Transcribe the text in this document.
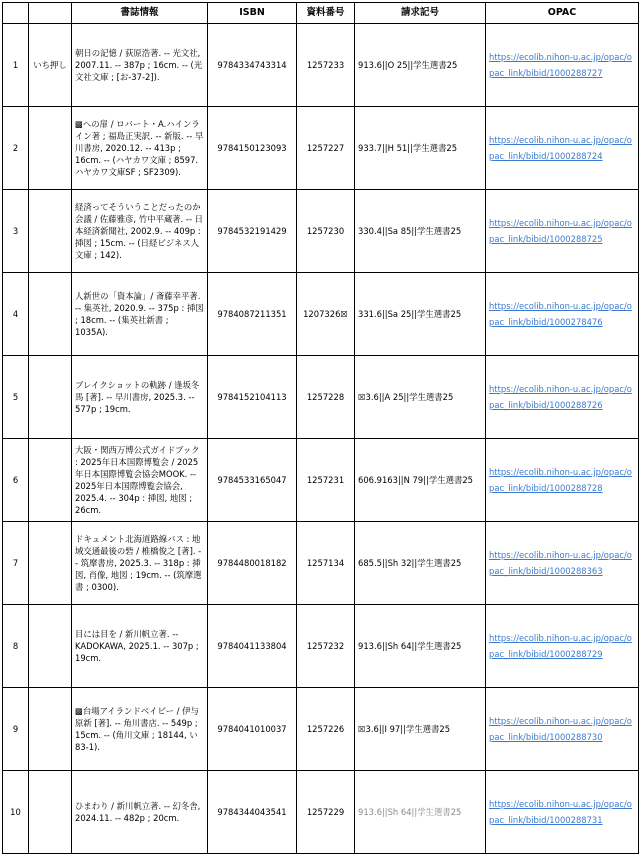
		書誌情報	ISBN	資料番号	請求記号	OPAC
1	いち押し	朝日の記憶 / 荻原浩著. -- 光文社, 2007.11. -- 387p ; 16cm. -- (光文社文庫 ; [お-37-2]).	9784334743314	1257233	913.6||O 25||学生選書25	https://ecolib.nihon-u.ac.jp/opac/opac_link/bibid/1000288727

2		▩への扉 / ロバート・A.ハインライン著 ; 福島正実訳. -- 新版. -- 早川書房, 2020.12. -- 413p ; 16cm. -- (ハヤカワ文庫 ; 8597. ハヤカワ文庫SF ; SF2309).	9784150123093	1257227	933.7||H 51||学生選書25	https://ecolib.nihon-u.ac.jp/opac/opac_link/bibid/1000288724

3		経済ってそういうことだったのか会議 / 佐藤雅彦, 竹中平蔵著. -- 日本経済新聞社, 2002.9. -- 409p : 挿図 ; 15cm. -- (日経ビジネス人文庫 ; 142).	9784532191429	1257230	330.4||Sa 85||学生選書25	https://ecolib.nihon-u.ac.jp/opac/opac_link/bibid/1000288725

4		人新世の「資本論」/ 斎藤幸平著. -- 集英社, 2020.9. -- 375p : 挿図 ; 18cm. -- (集英社新書 ; 1035A).	9784087211351	1207326☒	331.6||Sa 25||学生選書25	https://ecolib.nihon-u.ac.jp/opac/opac_link/bibid/1000278476

5		ブレイクショットの軌跡 / 逢坂冬馬 [著]. -- 早川書房, 2025.3. -- 577p ; 19cm.	9784152104113	1257228	☒3.6||A 25||学生選書25	https://ecolib.nihon-u.ac.jp/opac/opac_link/bibid/1000288726

6		大阪・関西万博公式ガイドブック : 2025年日本国際博覧会 / 2025年日本国際博覧会協会MOOK. -- 2025年日本国際博覧会協会, 2025.4. -- 304p : 挿図, 地図 ; 26cm.	9784533165047	1257231	606.9163||N 79||学生選書25	https://ecolib.nihon-u.ac.jp/opac/opac_link/bibid/1000288728

7		ドキュメント北海道路線バス : 地域交通最後の砦 / 椎橋俊之 [著]. -- 筑摩書房, 2025.3. -- 318p : 挿図, 肖像, 地図 ; 19cm. -- (筑摩選書 ; 0300).	9784480018182	1257134	685.5||Sh 32||学生選書25	https://ecolib.nihon-u.ac.jp/opac/opac_link/bibid/1000288363

8		目には目を / 新川帆立著. -- KADOKAWA, 2025.1. -- 307p ; 19cm.	9784041133804	1257232	913.6||Sh 64||学生選書25	https://ecolib.nihon-u.ac.jp/opac/opac_link/bibid/1000288729

9		▩台場アイランドベイビー / 伊与原新 [著]. -- 角川書店. -- 549p ; 15cm. -- (角川文庫 ; 18144, い83-1).	9784041010037	1257226	☒3.6||I 97||学生選書25	https://ecolib.nihon-u.ac.jp/opac/opac_link/bibid/1000288730

10		ひまわり / 新川帆立著. -- 幻冬舎, 2024.11. -- 482p ; 20cm.	9784344043541	1257229	913.6||Sh 64||学生選書25	https://ecolib.nihon-u.ac.jp/opac/opac_link/bibid/1000288731
